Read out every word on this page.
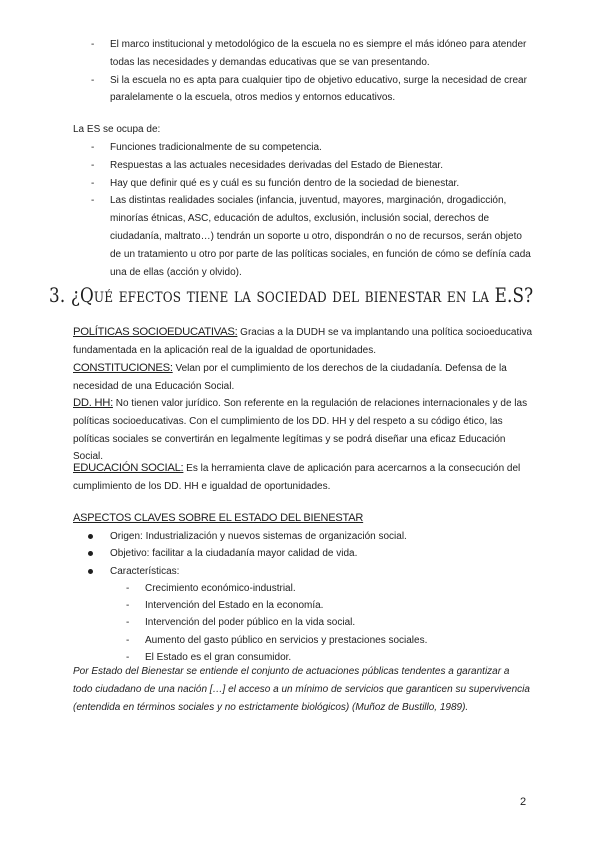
- El marco institucional y metodológico de la escuela no es siempre el más idóneo para atender todas las necesidades y demandas educativas que se van presentando.
- Si la escuela no es apta para cualquier tipo de objetivo educativo, surge la necesidad de crear paralelamente o la escuela, otros medios y entornos educativos.
La ES se ocupa de:
- Funciones tradicionalmente de su competencia.
- Respuestas a las actuales necesidades derivadas del Estado de Bienestar.
- Hay que definir qué es y cuál es su función dentro de la sociedad de bienestar.
- Las distintas realidades sociales (infancia, juventud, mayores, marginación, drogadicción, minorías étnicas, ASC, educación de adultos, exclusión, inclusión social, derechos de ciudadanía, maltrato…) tendrán un soporte u otro, dispondrán o no de recursos, serán objeto de un tratamiento u otro por parte de las políticas sociales, en función de cómo se defínía cada una de ellas (acción y olvido).
3. ¿Qué efectos tiene la sociedad del bienestar en la E.S?
POLÍTICAS SOCIOEDUCATIVAS: Gracias a la DUDH se va implantando una política socioeducativa fundamentada en la aplicación real de la igualdad de oportunidades.
CONSTITUCIONES: Velan por el cumplimiento de los derechos de la ciudadanía. Defensa de la necesidad de una Educación Social.
DD. HH: No tienen valor jurídico. Son referente en la regulación de relaciones internacionales y de las políticas socioeducativas. Con el cumplimiento de los DD. HH y del respeto a su código ético, las políticas sociales se convertirán en legalmente legítimas y se podrá diseñar una eficaz Educación Social.
EDUCACIÓN SOCIAL: Es la herramienta clave de aplicación para acercarnos a la consecución del cumplimiento de los DD. HH e igualdad de oportunidades.
ASPECTOS CLAVES SOBRE EL ESTADO DEL BIENESTAR
Origen: Industrialización y nuevos sistemas de organización social.
Objetivo: facilitar a la ciudadanía mayor calidad de vida.
Características:
- Crecimiento económico-industrial.
- Intervención del Estado en la economía.
- Intervención del poder público en la vida social.
- Aumento del gasto público en servicios y prestaciones sociales.
- El Estado es el gran consumidor.
Por Estado del Bienestar se entiende el conjunto de actuaciones públicas tendentes a garantizar a todo ciudadano de una nación […] el acceso a un mínimo de servicios que garanticen su supervivencia (entendida en términos sociales y no estrictamente biológicos) (Muñoz de Bustillo, 1989).
2
